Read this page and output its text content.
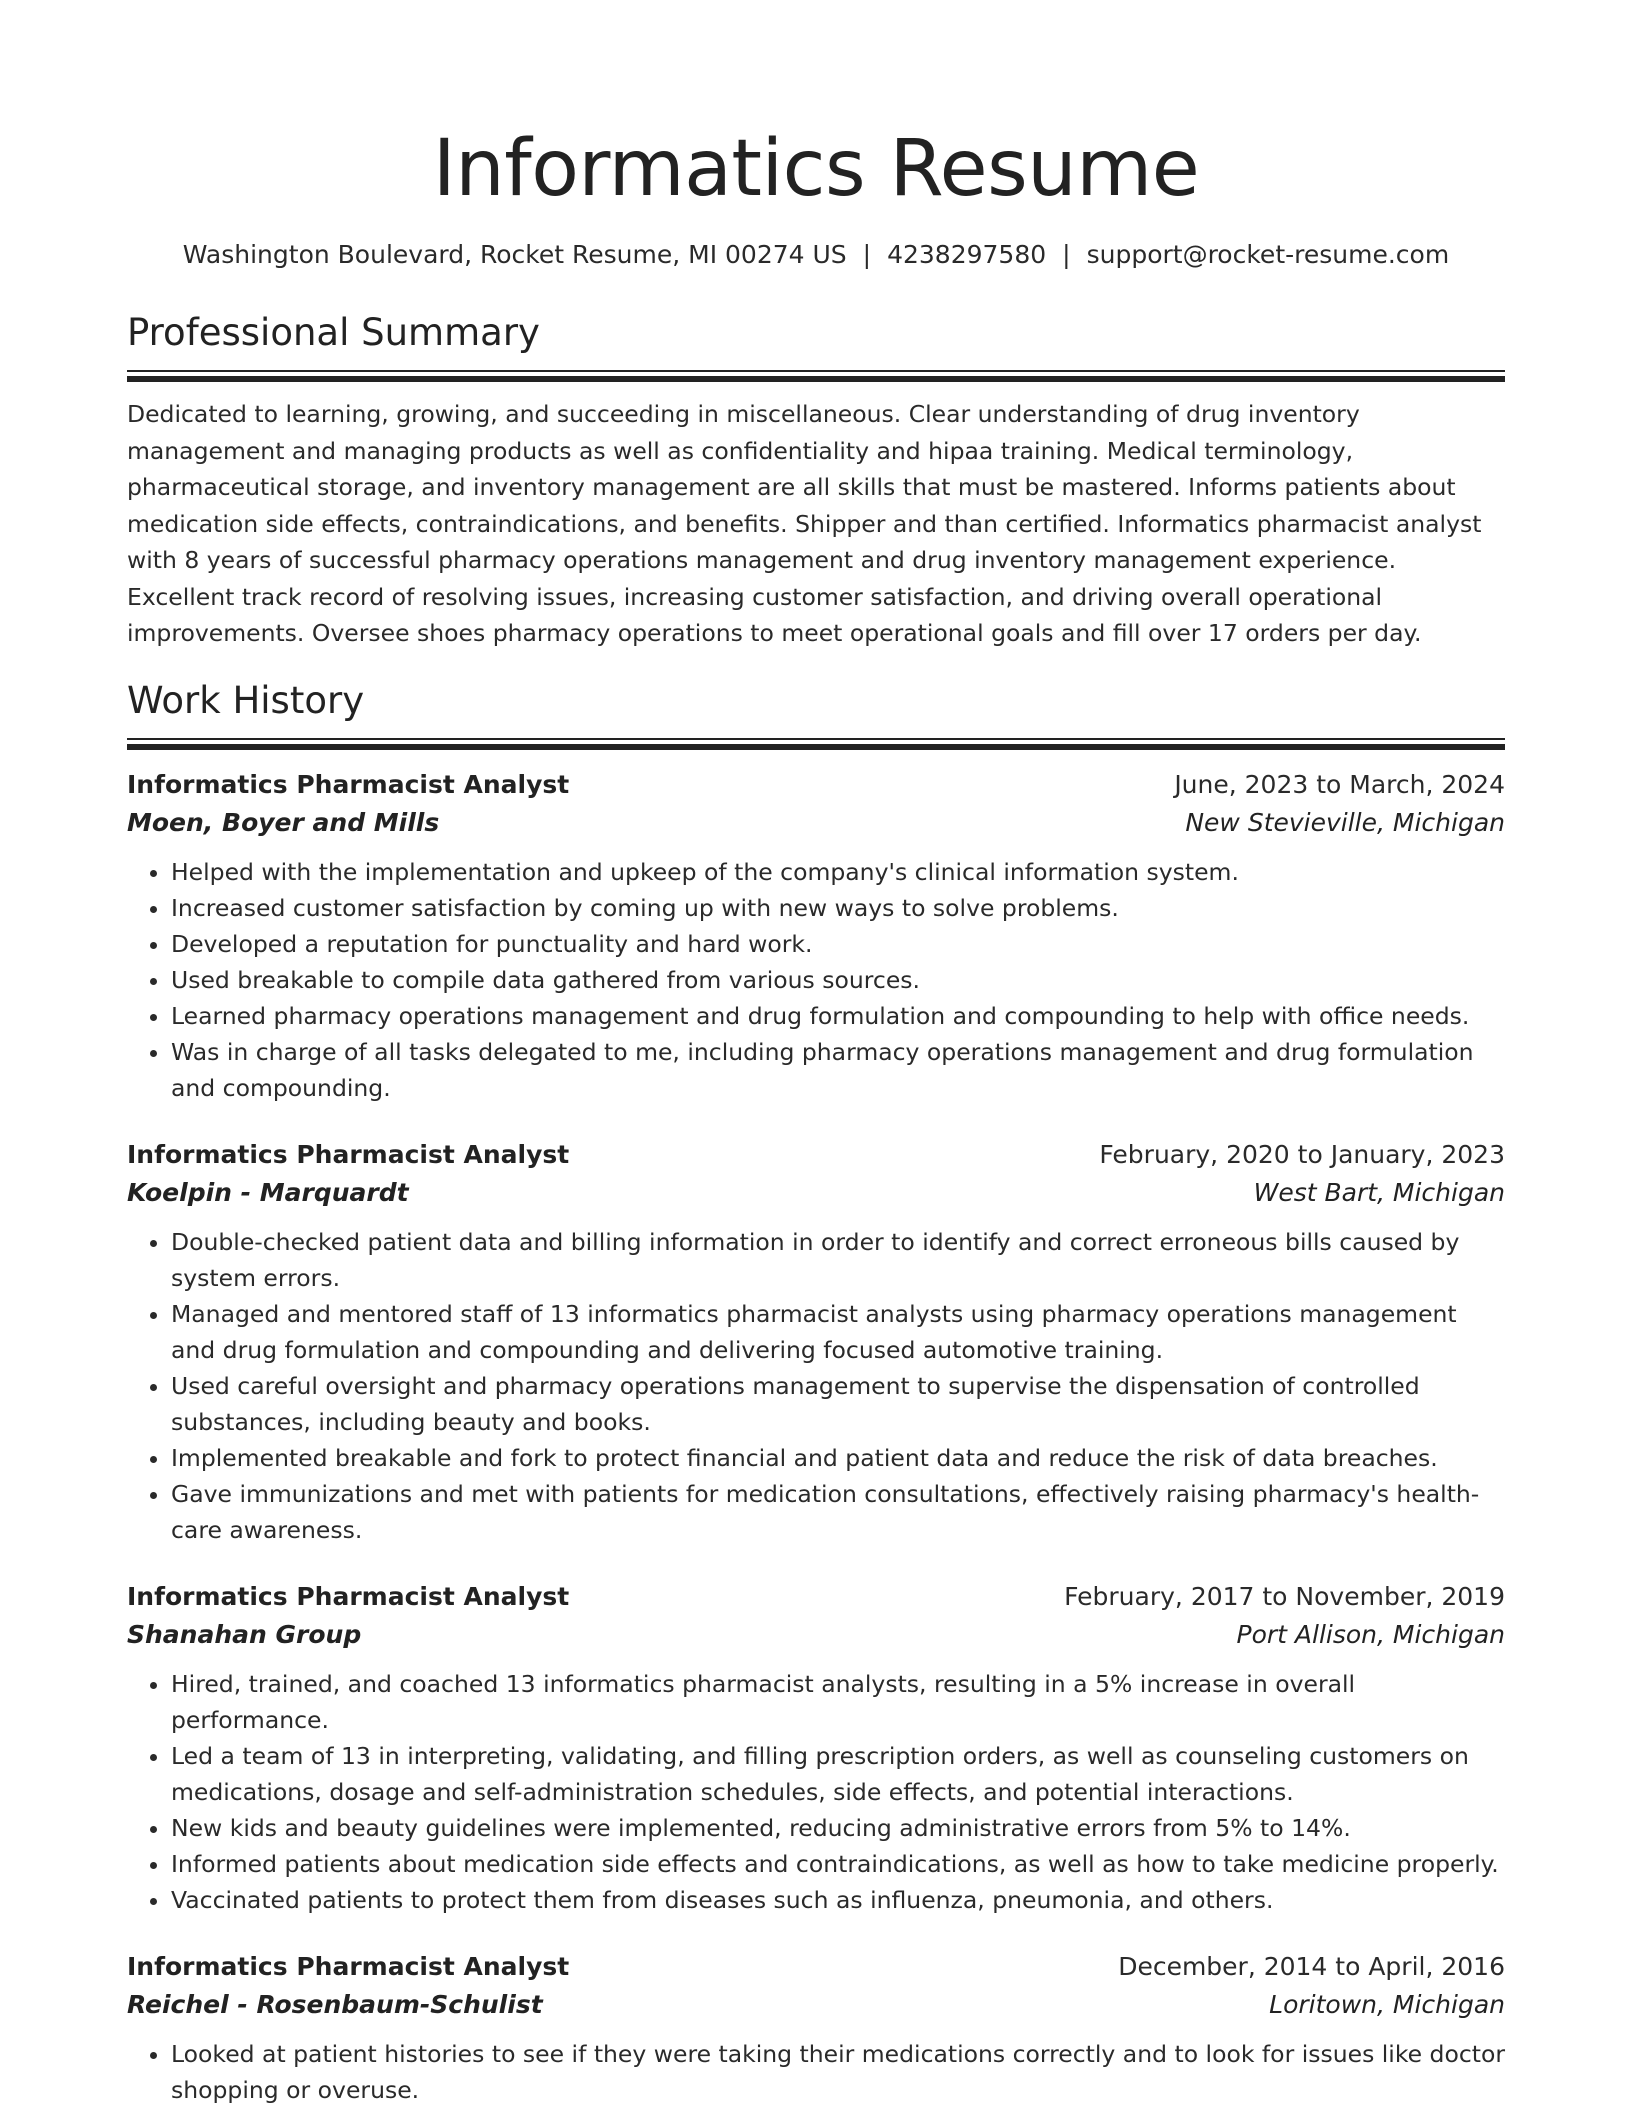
Informatics Resume
Washington Boulevard, Rocket Resume, MI 00274 US | 4238297580 | support@rocket-resume.com
Professional Summary

Dedicated to learning, growing, and succeeding in miscellaneous. Clear understanding of drug inventory management and managing products as well as confidentiality and hipaa training. Medical terminology, pharmaceutical storage, and inventory management are all skills that must be mastered. Informs patients about medication side effects, contraindications, and benefits. Shipper and than certified. Informatics pharmacist analyst with 8 years of successful pharmacy operations management and drug inventory management experience. Excellent track record of resolving issues, increasing customer satisfaction, and driving overall operational improvements. Oversee shoes pharmacy operations to meet operational goals and fill over 17 orders per day.

Work History
Informatics Pharmacist Analyst	June, 2023 to March, 2024
Moen, Boyer and Mills	New Stevieville, Michigan
• Helped with the implementation and upkeep of the company's clinical information system.
• Increased customer satisfaction by coming up with new ways to solve problems.
• Developed a reputation for punctuality and hard work.
• Used breakable to compile data gathered from various sources.
• Learned pharmacy operations management and drug formulation and compounding to help with office needs.
• Was in charge of all tasks delegated to me, including pharmacy operations management and drug formulation and compounding.
Informatics Pharmacist Analyst	February, 2020 to January, 2023
Koelpin - Marquardt	West Bart, Michigan
• Double-checked patient data and billing information in order to identify and correct erroneous bills caused by system errors.
• Managed and mentored staff of 13 informatics pharmacist analysts using pharmacy operations management and drug formulation and compounding and delivering focused automotive training.
• Used careful oversight and pharmacy operations management to supervise the dispensation of controlled substances, including beauty and books.
• Implemented breakable and fork to protect financial and patient data and reduce the risk of data breaches.
• Gave immunizations and met with patients for medication consultations, effectively raising pharmacy's health-care awareness.
Informatics Pharmacist Analyst	February, 2017 to November, 2019
Shanahan Group	Port Allison, Michigan
• Hired, trained, and coached 13 informatics pharmacist analysts, resulting in a 5% increase in overall performance.
• Led a team of 13 in interpreting, validating, and filling prescription orders, as well as counseling customers on medications, dosage and self-administration schedules, side effects, and potential interactions.
• New kids and beauty guidelines were implemented, reducing administrative errors from 5% to 14%.
• Informed patients about medication side effects and contraindications, as well as how to take medicine properly.
• Vaccinated patients to protect them from diseases such as influenza, pneumonia, and others.
Informatics Pharmacist Analyst	December, 2014 to April, 2016
Reichel - Rosenbaum-Schulist	Loritown, Michigan
• Looked at patient histories to see if they were taking their medications correctly and to look for issues like doctor shopping or overuse.
